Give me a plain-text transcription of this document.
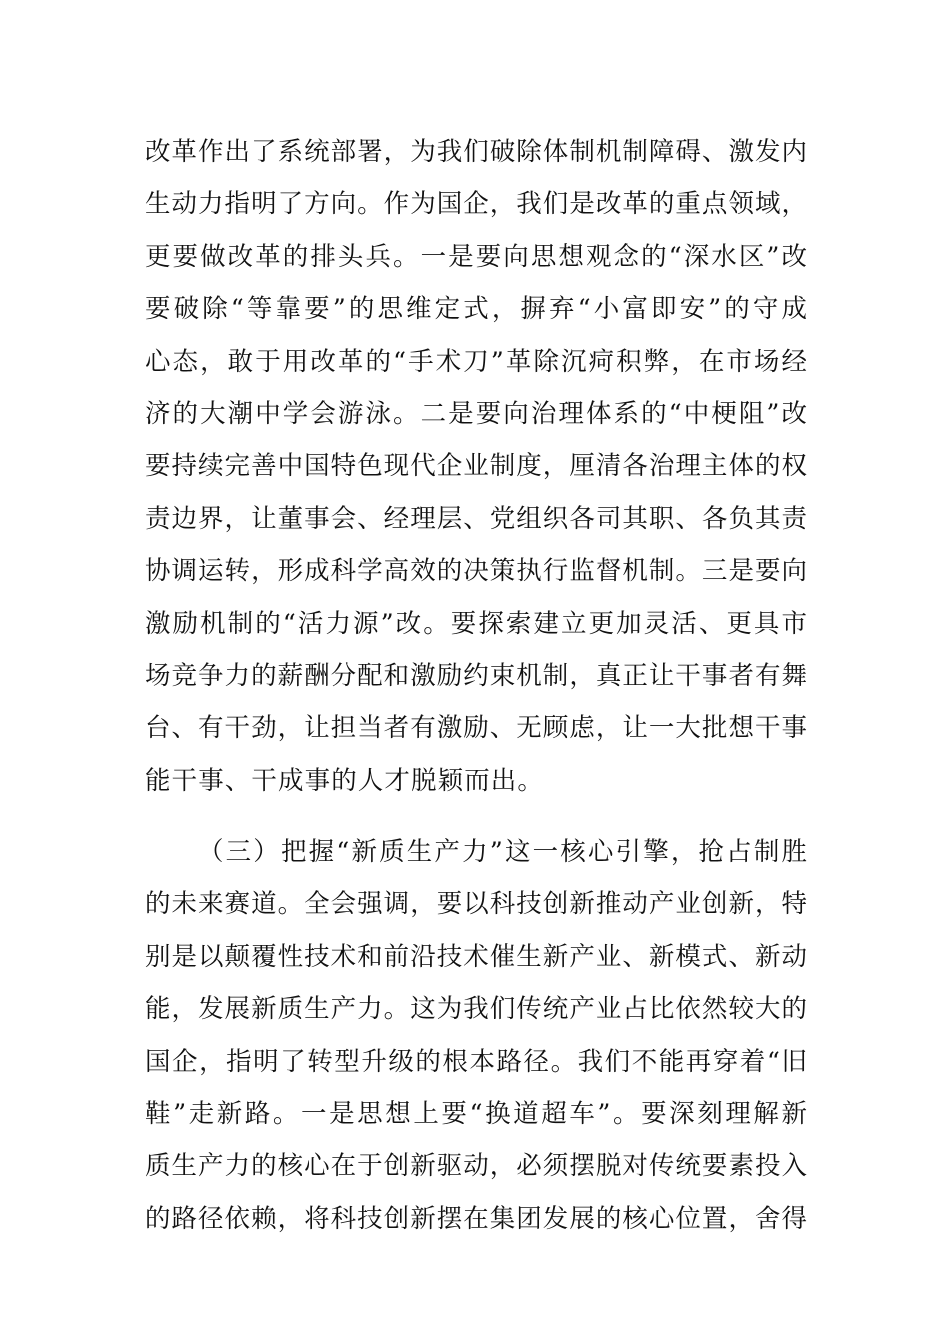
改革作出了系统部署，为我们破除体制机制障碍、激发内
生动力指明了方向。作为国企，我们是改革的重点领域，
更要做改革的排头兵。一是要向思想观念的“深水区”改
要破除“等靠要”的思维定式，摒弃“小富即安”的守成
心态，敢于用改革的“手术刀”革除沉疴积弊，在市场经
济的大潮中学会游泳。二是要向治理体系的“中梗阻”改
要持续完善中国特色现代企业制度，厘清各治理主体的权
责边界，让董事会、经理层、党组织各司其职、各负其责
协调运转，形成科学高效的决策执行监督机制。三是要向
激励机制的“活力源”改。要探索建立更加灵活、更具市
场竞争力的薪酬分配和激励约束机制，真正让干事者有舞
台、有干劲，让担当者有激励、无顾虑，让一大批想干事
能干事、干成事的人才脱颖而出。
（三）把握“新质生产力”这一核心引擎，抢占制胜
的未来赛道。全会强调，要以科技创新推动产业创新，特
别是以颠覆性技术和前沿技术催生新产业、新模式、新动
能，发展新质生产力。这为我们传统产业占比依然较大的
国企，指明了转型升级的根本路径。我们不能再穿着“旧
鞋”走新路。一是思想上要“换道超车”。要深刻理解新
质生产力的核心在于创新驱动，必须摆脱对传统要素投入
的路径依赖，将科技创新摆在集团发展的核心位置，舍得
